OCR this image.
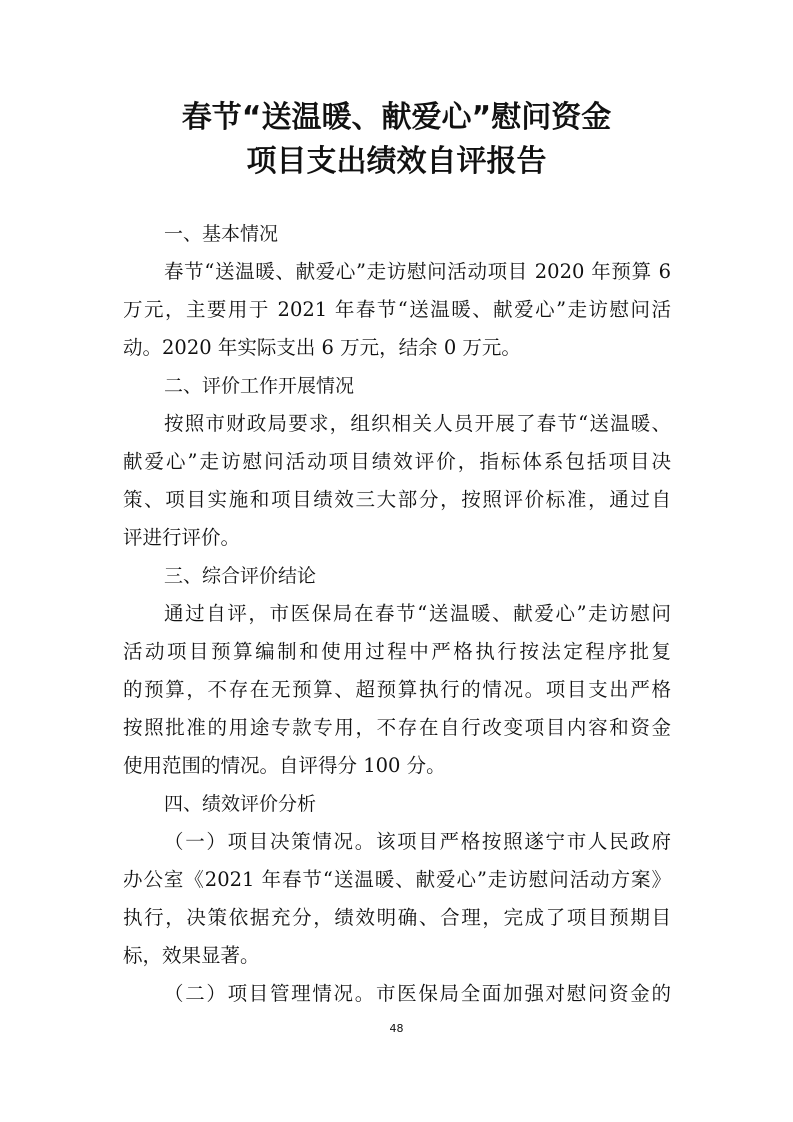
春节“送温暖、献爱心”慰问资金
项目支出绩效自评报告
一、基本情况
春节“送温暖、献爱心”走访慰问活动项目 2020 年预算 6
万元，主要用于 2021 年春节“送温暖、献爱心”走访慰问活
动。2020 年实际支出 6 万元，结余 0 万元。
二、评价工作开展情况
按照市财政局要求，组织相关人员开展了春节“送温暖、
献爱心”走访慰问活动项目绩效评价，指标体系包括项目决
策、项目实施和项目绩效三大部分，按照评价标准，通过自
评进行评价。
三、综合评价结论
通过自评，市医保局在春节“送温暖、献爱心”走访慰问
活动项目预算编制和使用过程中严格执行按法定程序批复
的预算，不存在无预算、超预算执行的情况。项目支出严格
按照批准的用途专款专用，不存在自行改变项目内容和资金
使用范围的情况。自评得分 100 分。
四、绩效评价分析
（一）项目决策情况。该项目严格按照遂宁市人民政府
办公室《2021 年春节“送温暖、献爱心”走访慰问活动方案》
执行，决策依据充分，绩效明确、合理，完成了项目预期目
标，效果显著。
（二）项目管理情况。市医保局全面加强对慰问资金的
48
